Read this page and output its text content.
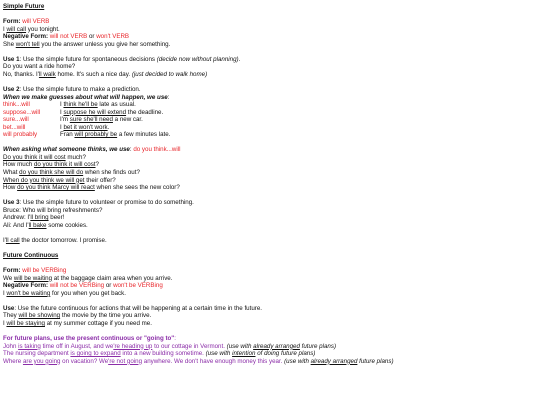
Simple Future
Form: will VERB
I will call you tonight.
Negative Form: will not VERB or won't VERB
She won't tell you the answer unless you give her something.
Use 1: Use the simple future for spontaneous decisions (decide now without planning).
Do you want a ride home?
No, thanks. I'll walk home. It's such a nice day. (just decided to walk home)
Use 2: Use the simple future to make a prediction.
When we make guesses about what will happen, we use:
think...will	I think he'll be late as usual.
suppose...will	I suppose he will extend the deadline.
sure...will	I'm sure she'll need a new car.
bet...will	I bet it won't work.
will probably	Fran will probably be a few minutes late.
When asking what someone thinks, we use: do you think...will
Do you think it will cost much?
How much do you think it will cost?
What do you think she will do when she finds out?
When do you think we will get their offer?
How do you think Marcy will react when she sees the new color?
Use 3: Use the simple future to volunteer or promise to do something.
Bruce: Who will bring refreshments?
Andrew: I'll bring beer!
Ali: And I'll bake some cookies.
I'll call the doctor tomorrow. I promise.
Future Continuous
Form: will be VERBing
We will be waiting at the baggage claim area when you arrive.
Negative Form: will not be VERBing or won't be VERBing
I won't be waiting for you when you get back.
Use: Use the future continuous for actions that will be happening at a certain time in the future.
They will be showing the movie by the time you arrive.
I will be staying at my summer cottage if you need me.
For future plans, use the present continuous or "going to":
John is taking time off in August, and we're heading up to our cottage in Vermont. (use with already arranged future plans)
The nursing department is going to expand into a new building sometime. (use with intention of doing future plans)
Where are you going on vacation? We're not going anywhere. We don't have enough money this year. (use with already arranged future plans)
